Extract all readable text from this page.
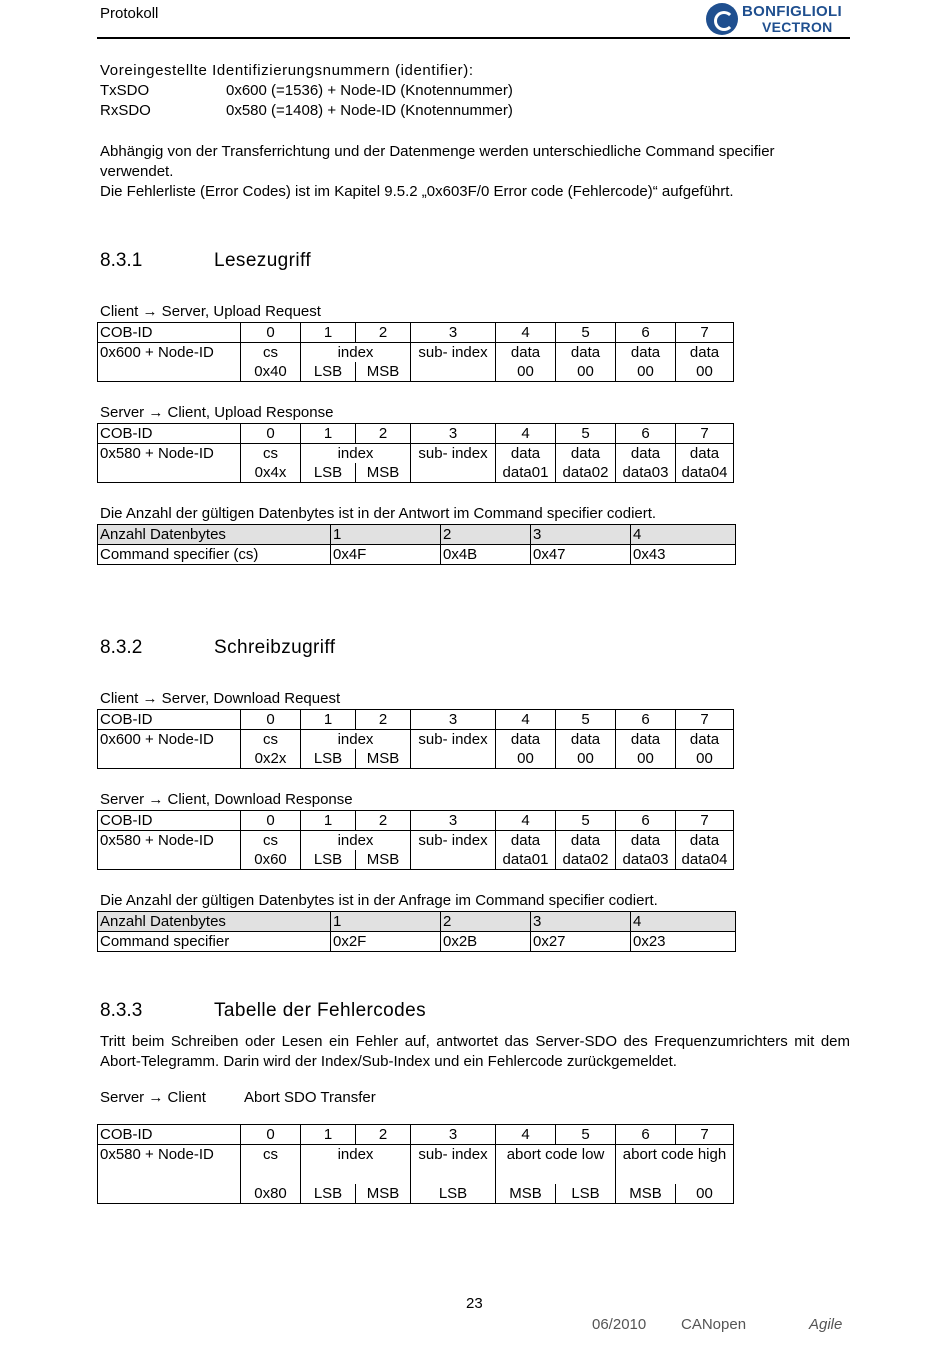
Protokoll	BONFIGLIOLI
VECTRON
Voreingestellte Identifizierungsnummern (identifier):
TxSDO	0x600 (=1536) + Node-ID (Knotennummer)
RxSDO	0x580 (=1408) + Node-ID (Knotennummer)
Abhängig von der Transferrichtung und der Datenmenge werden unterschiedliche Command specifier verwendet.
Die Fehlerliste (Error Codes) ist im Kapitel 9.5.2 „0x603F/0 Error code (Fehlercode)“ aufgeführt.
8.3.1	Lesezugriff
Client → Server, Upload Request
COB-ID	0	1	2	3	4	5	6	7
0x600 + Node-ID	cs	index		sub- index	data	data	data	data
	0x40	LSB	MSB		00	00	00	00
Server → Client, Upload Response
COB-ID	0	1	2	3	4	5	6	7
0x580 + Node-ID	cs	index		sub- index	data	data	data	data
	0x4x	LSB	MSB		data01	data02	data03	data04
Die Anzahl der gültigen Datenbytes ist in der Antwort im Command specifier codiert.
Anzahl Datenbytes	1	2	3	4
Command specifier (cs)	0x4F	0x4B	0x47	0x43
8.3.2	Schreibzugriff
Client → Server, Download Request
COB-ID	0	1	2	3	4	5	6	7
0x600 + Node-ID	cs	index		sub- index	data	data	data	data
	0x2x	LSB	MSB		00	00	00	00
Server → Client, Download Response
COB-ID	0	1	2	3	4	5	6	7
0x580 + Node-ID	cs	index		sub- index	data	data	data	data
	0x60	LSB	MSB		data01	data02	data03	data04
Die Anzahl der gültigen Datenbytes ist in der Anfrage im Command specifier codiert.
Anzahl Datenbytes	1	2	3	4
Command specifier	0x2F	0x2B	0x27	0x23
8.3.3	Tabelle der Fehlercodes
Tritt beim Schreiben oder Lesen ein Fehler auf, antwortet das Server-SDO des Frequenzumrichters mit dem Abort-Telegramm. Darin wird der Index/Sub-Index und ein Fehlercode zurückgemeldet.
Server → Client	Abort SDO Transfer
COB-ID	0	1	2	3	4	5	6	7
0x580 + Node-ID	cs	index		sub- index	abort code low		abort code high	
	0x80	LSB	MSB	LSB	MSB	LSB	MSB	00
23
06/2010 CANopen	Agile
